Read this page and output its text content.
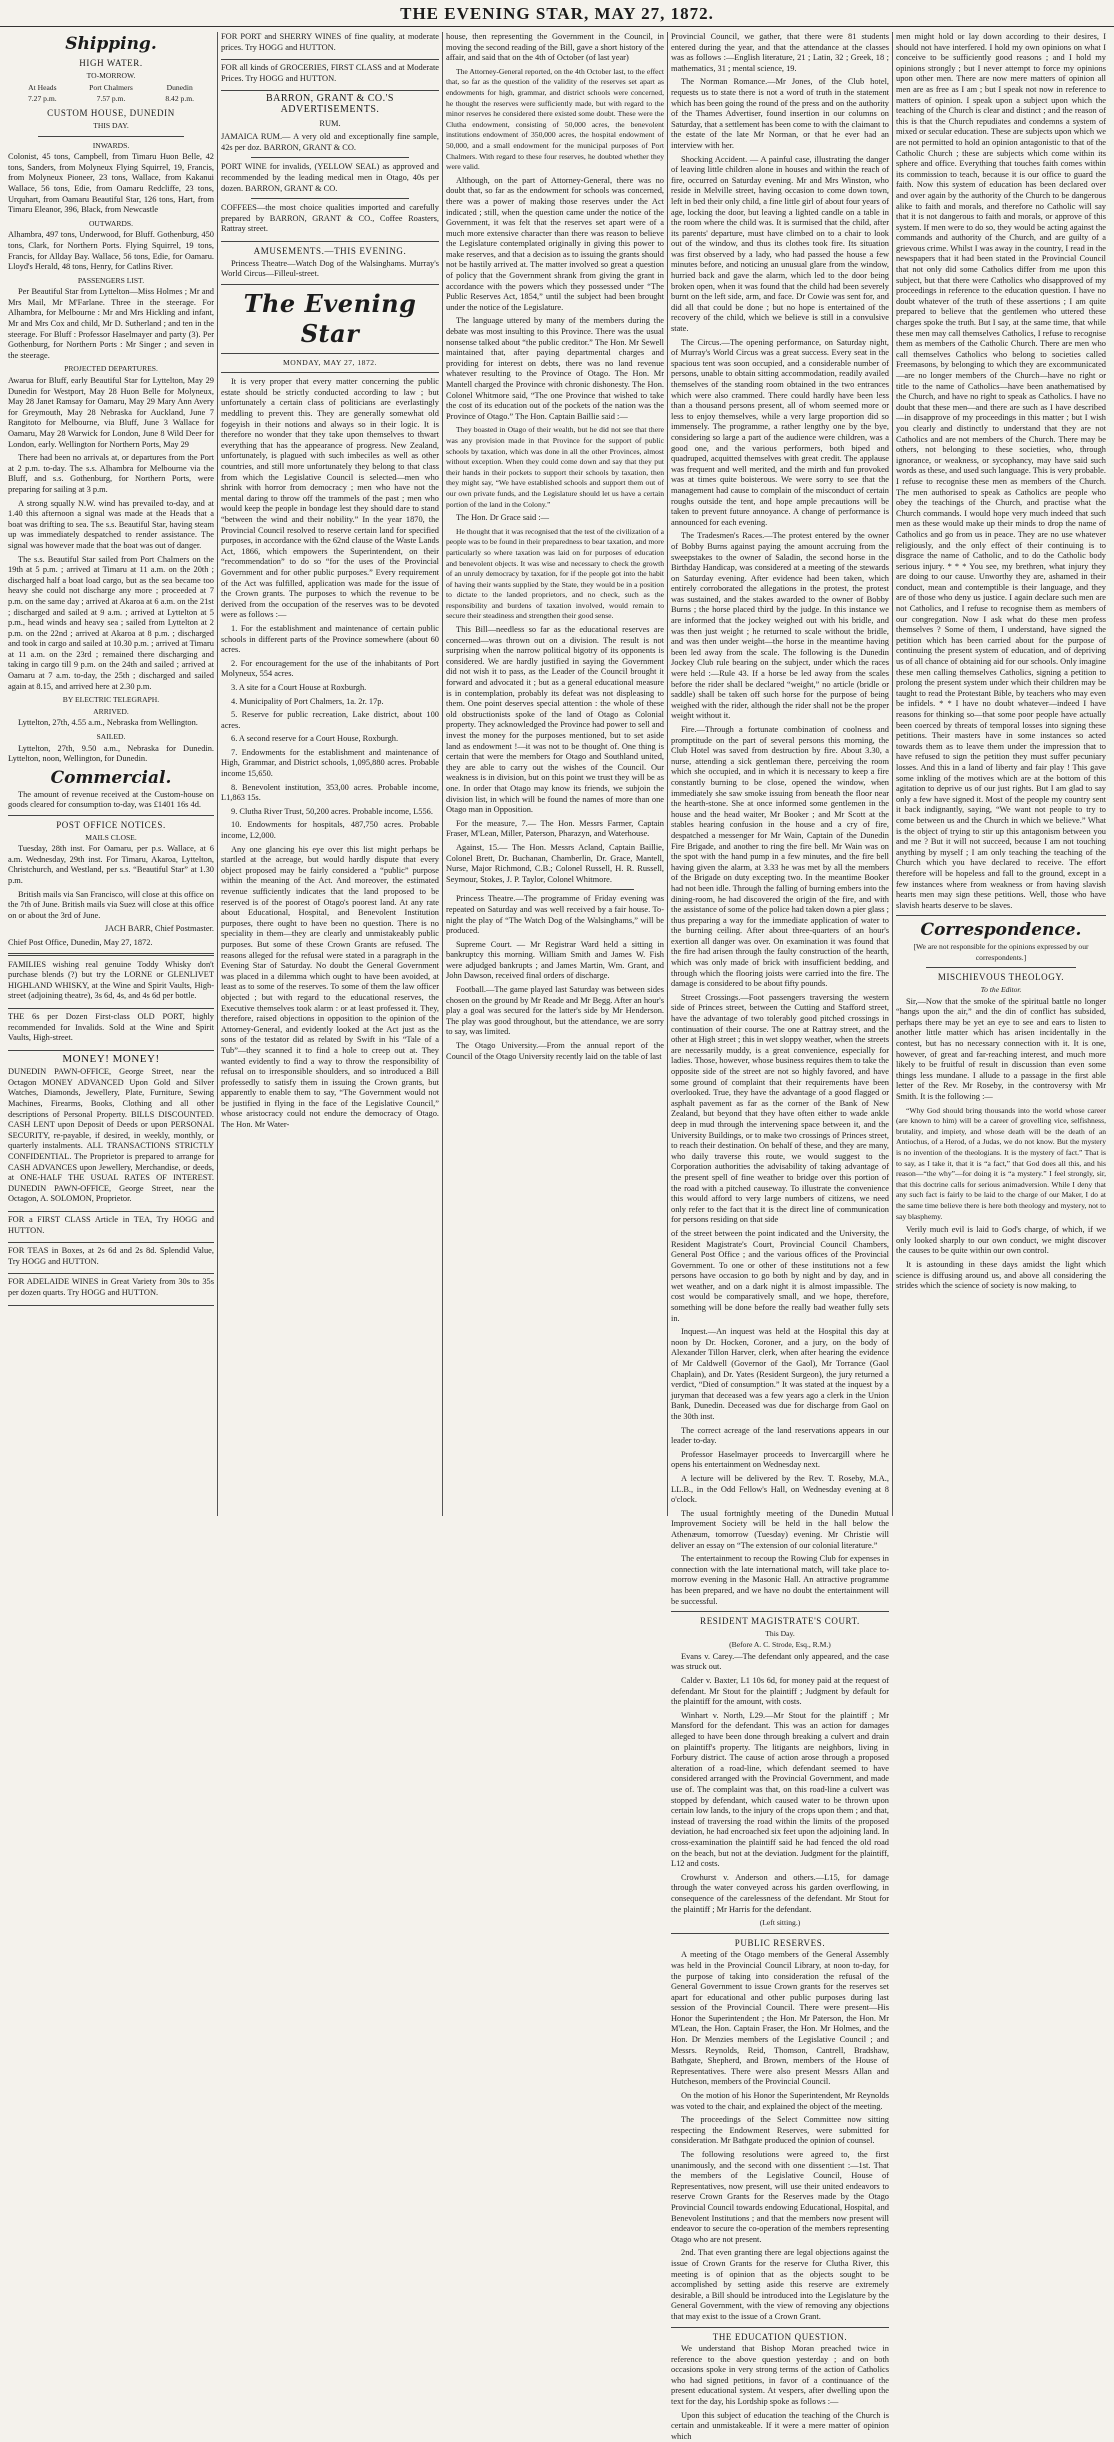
THE EVENING STAR, MAY 27, 1872.
Shipping.
HIGH WATER.
TO-MORROW.
At Heads
7.27 p.m.
Port Chalmers
7.57 p.m.
Dunedin
8.42 p.m.
CUSTOM HOUSE, DUNEDIN
THIS DAY.
INWARDS.

Colonist, 45 tons, Campbell, from Timaru Huon Belle, 42 tons, Sanders, from Molyneux Flying Squirrel, 19, Francis, from Molyneux Pioneer, 23 tons, Wallace, from Kakanui Wallace, 56 tons, Edie, from Oamaru Redcliffe, 23 tons, Urquhart, from Oamaru Beautiful Star, 126 tons, Hart, from Timaru Eleanor, 396, Black, from Newcastle

OUTWARDS.

Alhambra, 497 tons, Underwood, for Bluff. Gothenburg, 450 tons, Clark, for Northern Ports. Flying Squirrel, 19 tons, Francis, for Allday Bay. Wallace, 56 tons, Edie, for Oamaru. Lloyd's Herald, 48 tons, Henry, for Catlins River.

PASSENGERS LIST.

Per Beautiful Star from Lyttelton—Miss Holmes ; Mr and Mrs Mail, Mr M'Farlane. Three in the steerage. For Alhambra, for Melbourne : Mr and Mrs Hickling and infant, Mr and Mrs Cox and child, Mr D. Sutherland ; and ten in the steerage. For Bluff : Professor Haselmayer and party (3). Per Gothenburg, for Northern Ports : Mr Singer ; and seven in the steerage.

PROJECTED DEPARTURES.

Awarua for Bluff, early Beautiful Star for Lyttelton, May 29 Dunedin for Westport, May 28 Huon Belle for Molyneux, May 28 Janet Ramsay for Oamaru, May 29 Mary Ann Avery for Greymouth, May 28 Nebraska for Auckland, June 7 Rangitoto for Melbourne, via Bluff, June 3 Wallace for Oamaru, May 28 Warwick for London, June 8 Wild Deer for London, early. Wellington for Northern Ports, May 29

There had been no arrivals at, or departures from the Port at 2 p.m. to-day. The s.s. Alhambra for Melbourne via the Bluff, and s.s. Gothenburg, for Northern Ports, were preparing for sailing at 3 p.m.

A strong squally N.W. wind has prevailed to-day, and at 1.40 this afternoon a signal was made at the Heads that a boat was drifting to sea. The s.s. Beautiful Star, having steam up was immediately despatched to render assistance. The signal was however made that the boat was out of danger.

The s.s. Beautiful Star sailed from Port Chalmers on the 19th at 5 p.m. ; arrived at Timaru at 11 a.m. on the 20th ; discharged half a boat load cargo, but as the sea became too heavy she could not discharge any more ; proceeded at 7 p.m. on the same day ; arrived at Akaroa at 6 a.m. on the 21st ; discharged and sailed at 9 a.m. ; arrived at Lyttelton at 5 p.m., head winds and heavy sea ; sailed from Lyttelton at 2 p.m. on the 22nd ; arrived at Akaroa at 8 p.m. ; discharged and took in cargo and sailed at 10.30 p.m. ; arrived at Timaru at 11 a.m. on the 23rd ; remained there discharging and taking in cargo till 9 p.m. on the 24th and sailed ; arrived at Oamaru at 7 a.m. to-day, the 25th ; discharged and sailed again at 8.15, and arrived here at 2.30 p.m.

BY ELECTRIC TELEGRAPH.
ARRIVED.

Lyttelton, 27th, 4.55 a.m., Nebraska from Wellington.

SAILED.

Lyttelton, 27th, 9.50 a.m., Nebraska for Dunedin. Lyttelton, noon, Wellington, for Dunedin.

Commercial.

The amount of revenue received at the Custom-house on goods cleared for consumption to-day, was £1401 16s 4d.

POST OFFICE NOTICES.
MAILS CLOSE.

Tuesday, 28th inst. For Oamaru, per p.s. Wallace, at 6 a.m. Wednesday, 29th inst. For Timaru, Akaroa, Lyttelton, Christchurch, and Westland, per s.s. “Beautiful Star” at 1.30 p.m.

British mails via San Francisco, will close at this office on the 7th of June. British mails via Suez will close at this office on or about the 3rd of June.

JACH BARR, Chief Postmaster.

Chief Post Office, Dunedin, May 27, 1872.

FAMILIES wishing real genuine Toddy Whisky don't purchase blends (?) but try the LORNE or GLENLIVET HIGHLAND WHISKY, at the Wine and Spirit Vaults, High-street (adjoining theatre), 3s 6d, 4s, and 4s 6d per bottle.

THE 6s per Dozen First-class OLD PORT, highly recommended for Invalids. Sold at the Wine and Spirit Vaults, High-street.

MONEY! MONEY!

DUNEDIN PAWN-OFFICE, George Street, near the Octagon MONEY ADVANCED Upon Gold and Silver Watches, Diamonds, Jewellery, Plate, Furniture, Sewing Machines, Firearms, Books, Clothing and all other descriptions of Personal Property. BILLS DISCOUNTED. CASH LENT upon Deposit of Deeds or upon PERSONAL SECURITY, re-payable, if desired, in weekly, monthly, or quarterly instalments. ALL TRANSACTIONS STRICTLY CONFIDENTIAL. The Proprietor is prepared to arrange for CASH ADVANCES upon Jewellery, Merchandise, or deeds, at ONE-HALF THE USUAL RATES OF INTEREST. DUNEDIN PAWN-OFFICE, George Street, near the Octagon, A. SOLOMON, Proprietor.

FOR a FIRST CLASS Article in TEA, Try HOGG and HUTTON.

FOR TEAS in Boxes, at 2s 6d and 2s 8d. Splendid Value, Try HOGG and HUTTON.

FOR ADELAIDE WINES in Great Variety from 30s to 35s per dozen quarts. Try HOGG and HUTTON.

FOR PORT and SHERRY WINES of fine quality, at moderate prices. Try HOGG and HUTTON.

FOR all kinds of GROCERIES, FIRST CLASS and at Moderate Prices. Try HOGG and HUTTON.

BARRON, GRANT & CO.'S ADVERTISEMENTS.

RUM.

JAMAICA RUM.— A very old and exceptionally fine sample, 42s per doz. BARRON, GRANT & CO.

PORT WINE for invalids, (YELLOW SEAL) as approved and recommended by the leading medical men in Otago, 40s per dozen. BARRON, GRANT & CO.

COFFEES—the most choice qualities imported and carefully prepared by BARRON, GRANT & CO., Coffee Roasters, Rattray street.

AMUSEMENTS.—THIS EVENING.

Princess Theatre—Watch Dog of the Walsinghams. Murray's World Circus—Filleul-street.

The Evening Star
MONDAY, MAY 27, 1872.

It is very proper that every matter concerning the public estate should be strictly conducted according to law ; but unfortunately a certain class of politicians are everlastingly meddling to prevent this. They are generally somewhat old fogeyish in their notions and always so in their logic. It is therefore no wonder that they take upon themselves to thwart everything that has the appearance of progress. New Zealand, unfortunately, is plagued with such imbeciles as well as other countries, and still more unfortunately they belong to that class from which the Legislative Council is selected—men who shrink with horror from democracy ; men who have not the mental daring to throw off the trammels of the past ; men who would keep the people in bondage lest they should dare to stand “between the wind and their nobility.” In the year 1870, the Provincial Council resolved to reserve certain land for specified purposes, in accordance with the 62nd clause of the Waste Lands Act, 1866, which empowers the Superintendent, on their “recommendation” to do so “for the uses of the Provincial Government and for other public purposes.” Every requirement of the Act was fulfilled, application was made for the issue of the Crown grants. The purposes to which the revenue to be derived from the occupation of the reserves was to be devoted were as follows :—

1. For the establishment and maintenance of certain public schools in different parts of the Province somewhere (about 60 acres.

2. For encouragement for the use of the inhabitants of Port Molyneux, 554 acres.

3. A site for a Court House at Roxburgh.

4. Municipality of Port Chalmers, 1a. 2r. 17p.

5. Reserve for public recreation, Lake district, about 100 acres.

6. A second reserve for a Court House, Roxburgh.

7. Endowments for the establishment and maintenance of High, Grammar, and District schools, 1,095,880 acres. Probable income 15,650.

8. Benevolent institution, 353,00 acres. Probable income, L1,863 15s.

9. Clutha River Trust, 50,200 acres. Probable income, L556.

10. Endowments for hospitals, 487,750 acres. Probable income, L2,000.

Any one glancing his eye over this list might perhaps be startled at the acreage, but would hardly dispute that every object proposed may be fairly considered a “public” purpose within the meaning of the Act. And moreover, the estimated revenue sufficiently indicates that the land proposed to be reserved is of the poorest of Otago's poorest land. At any rate about Educational, Hospital, and Benevolent Institution purposes, there ought to have been no question. There is no speciality in them—they are clearly and unmistakeably public purposes. But some of these Crown Grants are refused. The reasons alleged for the refusal were stated in a paragraph in the Evening Star of Saturday. No doubt the General Government was placed in a dilemma which ought to have been avoided, at least as to some of the reserves. To some of them the law officer objected ; but with regard to the educational reserves, the Executive themselves took alarm : or at least professed it. They, therefore, raised objections in opposition to the opinion of the Attorney-General, and evidently looked at the Act just as the sons of the testator did as related by Swift in his “Tale of a Tub”—they scanned it to find a hole to creep out at. They wanted evidently to find a way to throw the responsibility of refusal on to irresponsible shoulders, and so introduced a Bill professedly to satisfy them in issuing the Crown grants, but apparently to enable them to say, “The Government would not be justified in flying in the face of the Legislative Council,” whose aristocracy could not endure the democracy of Otago. The Hon. Mr Water-

house, then representing the Government in the Council, in moving the second reading of the Bill, gave a short history of the affair, and said that on the 4th of October (of last year)

The Attorney-General reported, on the 4th October last, to the effect that, so far as the question of the validity of the reserves set apart as endowments for high, grammar, and district schools were concerned, he thought the reserves were sufficiently made, but with regard to the minor reserves he considered there existed some doubt. These were the Clutha endowment, consisting of 50,000 acres, the benevolent institutions endowment of 350,000 acres, the hospital endowment of 50,000, and a small endowment for the municipal purposes of Port Chalmers. With regard to these four reserves, he doubted whether they were valid.

Although, on the part of Attorney-General, there was no doubt that, so far as the endowment for schools was concerned, there was a power of making those reserves under the Act indicated ; still, when the question came under the notice of the Government, it was felt that the reserves set apart were of a much more extensive character than there was reason to believe the Legislature contemplated originally in giving this power to make reserves, and that a decision as to issuing the grants should not be hastily arrived at. The matter involved so great a question of policy that the Government shrank from giving the grant in accordance with the powers which they possessed under “The Public Reserves Act, 1854,” until the subject had been brought under the notice of the Legislature.

The language uttered by many of the members during the debate was most insulting to this Province. There was the usual nonsense talked about “the public creditor.” The Hon. Mr Sewell maintained that, after paying departmental charges and providing for interest on debts, there was no land revenue whatever resulting to the Province of Otago. The Hon. Mr Mantell charged the Province with chronic dishonesty. The Hon. Colonel Whitmore said, “The one Province that wished to take the cost of its education out of the pockets of the nation was the Province of Otago.” The Hon. Captain Baillie said :—

They boasted in Otago of their wealth, but he did not see that there was any provision made in that Province for the support of public schools by taxation, which was done in all the other Provinces, almost without exception. When they could come down and say that they put their hands in their pockets to support their schools by taxation, then they might say, “We have established schools and support them out of our own private funds, and the Legislature should let us have a certain portion of the land in the Colony.”

The Hon. Dr Grace said :—

He thought that it was recognised that the test of the civilization of a people was to be found in their preparedness to bear taxation, and more particularly so where taxation was laid on for purposes of education and benevolent objects. It was wise and necessary to check the growth of an unruly democracy by taxation, for if the people got into the habit of having their wants supplied by the State, they would be in a position to dictate to the landed proprietors, and no check, such as the responsibility and burdens of taxation involved, would remain to secure their steadiness and strengthen their good sense.

This Bill—needless so far as the educational reserves are concerned—was thrown out on a division. The result is not surprising when the narrow political bigotry of its opponents is considered. We are hardly justified in saying the Government did not wish it to pass, as the Leader of the Council brought it forward and advocated it ; but as a general educational measure is in contemplation, probably its defeat was not displeasing to them. One point deserves special attention : the whole of these old obstructionists spoke of the land of Otago as Colonial property. They acknowledged the Province had power to sell and invest the money for the purposes mentioned, but to set aside land as endowment !—it was not to be thought of. One thing is certain that were the members for Otago and Southland united, they are able to carry out the wishes of the Council. Our weakness is in division, but on this point we trust they will be as one. In order that Otago may know its friends, we subjoin the division list, in which will be found the names of more than one Otago man in Opposition.

For the measure, 7.— The Hon. Messrs Farmer, Captain Fraser, M'Lean, Miller, Paterson, Pharazyn, and Waterhouse.

Against, 15.— The Hon. Messrs Acland, Captain Baillie, Colonel Brett, Dr. Buchanan, Chamberlin, Dr. Grace, Mantell, Nurse, Major Richmond, C.B.; Colonel Russell, H. R. Russell, Seymour, Stokes, J. P. Taylor, Colonel Whitmore.

Princess Theatre.—The programme of Friday evening was repeated on Saturday and was well received by a fair house. To-night the play of “The Watch Dog of the Walsinghams,” will be produced.

Supreme Court. — Mr Registrar Ward held a sitting in bankruptcy this morning. William Smith and James W. Fish were adjudged bankrupts ; and James Martin, Wm. Grant, and John Dawson, received final orders of discharge.

Football.—The game played last Saturday was between sides chosen on the ground by Mr Reade and Mr Begg. After an hour's play a goal was secured for the latter's side by Mr Henderson. The play was good throughout, but the attendance, we are sorry to say, was limited.

The Otago University.—From the annual report of the Council of the Otago University recently laid on the table of last

Provincial Council, we gather, that there were 81 students entered during the year, and that the attendance at the classes was as follows :—English literature, 21 ; Latin, 32 ; Greek, 18 ; mathematics, 31 ; mental science, 19.

The Norman Romance.—Mr Jones, of the Club hotel, requests us to state there is not a word of truth in the statement which has been going the round of the press and on the authority of the Thames Advertiser, found insertion in our columns on Saturday, that a settlement has been come to with the claimant to the estate of the late Mr Norman, or that he ever had an interview with her.

Shocking Accident. — A painful case, illustrating the danger of leaving little children alone in houses and within the reach of fire, occurred on Saturday evening. Mr and Mrs Winston, who reside in Melville street, having occasion to come down town, left in bed their only child, a fine little girl of about four years of age, locking the door, but leaving a lighted candle on a table in the room where the child was. It is surmised that the child, after its parents' departure, must have climbed on to a chair to look out of the window, and thus its clothes took fire. Its situation was first observed by a lady, who had passed the house a few minutes before, and noticing an unusual glare from the window, hurried back and gave the alarm, which led to the door being broken open, when it was found that the child had been severely burnt on the left side, arm, and face. Dr Cowie was sent for, and did all that could be done ; but no hope is entertained of the recovery of the child, which we believe is still in a convulsive state.

The Circus.—The opening performance, on Saturday night, of Murray's World Circus was a great success. Every seat in the spacious tent was soon occupied, and a considerable number of persons, unable to obtain sitting accommodation, readily availed themselves of the standing room obtained in the two entrances which were also crammed. There could hardly have been less than a thousand persons present, all of whom seemed more or less to enjoy themselves, while a very large proportion did so immensely. The programme, a rather lengthy one by the bye, considering so large a part of the audience were children, was a good one, and the various performers, both biped and quadruped, acquitted themselves with great credit. The applause was frequent and well merited, and the mirth and fun provoked was at times quite boisterous. We were sorry to see that the management had cause to complain of the misconduct of certain roughs outside the tent, and hope ample precautions will be taken to prevent future annoyance. A change of performance is announced for each evening.

The Tradesmen's Races.—The protest entered by the owner of Bobby Burns against paying the amount accruing from the sweepstakes to the owner of Saladin, the second horse in the Birthday Handicap, was considered at a meeting of the stewards on Saturday evening. After evidence had been taken, which entirely corroborated the allegations in the protest, the protest was sustained, and the stakes awarded to the owner of Bobby Burns ; the horse placed third by the judge. In this instance we are informed that the jockey weighed out with his bridle, and was then just weight ; he returned to scale without the bridle, and was then under weight—the horse in the meantime having been led away from the scale. The following is the Dunedin Jockey Club rule bearing on the subject, under which the races were held :—Rule 43. If a horse be led away from the scales before the rider shall be declared “weight,” no article (bridle or saddle) shall be taken off such horse for the purpose of being weighed with the rider, although the rider shall not be the proper weight without it.

Fire.—Through a fortunate combination of coolness and promptitude on the part of several persons this morning, the Club Hotel was saved from destruction by fire. About 3.30, a nurse, attending a sick gentleman there, perceiving the room which she occupied, and in which it is necessary to keep a fire constantly burning to be close, opened the window, when immediately she saw smoke issuing from beneath the floor near the hearth-stone. She at once informed some gentlemen in the house and the head waiter, Mr Booker ; and Mr Scott at the stables hearing confusion in the house and a cry of fire, despatched a messenger for Mr Wain, Captain of the Dunedin Fire Brigade, and another to ring the fire bell. Mr Wain was on the spot with the hand pump in a few minutes, and the fire bell having given the alarm, at 3.33 he was met by all the members of the Brigade on duty excepting two. In the meantime Booker had not been idle. Through the falling of burning embers into the dining-room, he had discovered the origin of the fire, and with the assistance of some of the police had taken down a pier glass ; thus preparing a way for the immediate application of water to the burning ceiling. After about three-quarters of an hour's exertion all danger was over. On examination it was found that the fire had arisen through the faulty construction of the hearth, which was only made of brick with insufficient bedding, and through which the flooring joists were carried into the fire. The damage is considered to be about fifty pounds.

Street Crossings.—Foot passengers traversing the western side of Princes street, between the Cutting and Stafford street, have the advantage of two tolerably good pitched crossings in continuation of their course. The one at Rattray street, and the other at High street ; this in wet sloppy weather, when the streets are necessarily muddy, is a great convenience, especially for ladies. Those, however, whose business requires them to take the opposite side of the street are not so highly favored, and have some ground of complaint that their requirements have been overlooked. True, they have the advantage of a good flagged or asphalt pavement as far as the corner of the Bank of New Zealand, but beyond that they have often either to wade ankle deep in mud through the intervening space between it, and the University Buildings, or to make two crossings of Princes street, to reach their destination. On behalf of these, and they are many, who daily traverse this route, we would suggest to the Corporation authorities the advisability of taking advantage of the present spell of fine weather to bridge over this portion of the road with a pitched causeway. To illustrate the convenience this would afford to very large numbers of citizens, we need only refer to the fact that it is the direct line of communication for persons residing on that side

of the street between the point indicated and the University, the Resident Magistrate's Court, Provincial Council Chambers, General Post Office ; and the various offices of the Provincial Government. To one or other of these institutions not a few persons have occasion to go both by night and by day, and in wet weather, and on a dark night it is almost impassible. The cost would be comparatively small, and we hope, therefore, something will be done before the really bad weather fully sets in.

Inquest.—An inquest was held at the Hospital this day at noon by Dr. Hocken, Coroner, and a jury, on the body of Alexander Tillon Harver, clerk, when after hearing the evidence of Mr Caldwell (Governor of the Gaol), Mr Torrance (Gaol Chaplain), and Dr. Yates (Resident Surgeon), the jury returned a verdict, “Died of consumption.” It was stated at the inquest by a juryman that deceased was a few years ago a clerk in the Union Bank, Dunedin. Deceased was due for discharge from Gaol on the 30th inst.

The correct acreage of the land reservations appears in our leader to-day.

Professor Haselmayer proceeds to Invercargill where he opens his entertainment on Wednesday next.

A lecture will be delivered by the Rev. T. Roseby, M.A., LL.B., in the Odd Fellow's Hall, on Wednesday evening at 8 o'clock.

The usual fortnightly meeting of the Dunedin Mutual Improvement Society will be held in the hall below the Athenæum, tomorrow (Tuesday) evening. Mr Christie will deliver an essay on “The extension of our colonial literature.”

The entertainment to recoup the Rowing Club for expenses in connection with the late international match, will take place to-morrow evening in the Masonic Hall. An attractive programme has been prepared, and we have no doubt the entertainment will be successful.

RESIDENT MAGISTRATE'S COURT.
This Day.
(Before A. C. Strode, Esq., R.M.)

Evans v. Carey.—The defendant only appeared, and the case was struck out.

Calder v. Baxter, L1 10s 6d, for money paid at the request of defendant. Mr Stout for the plaintiff ; Judgment by default for the plaintiff for the amount, with costs.

Winhart v. North, L29.—Mr Stout for the plaintiff ; Mr Mansford for the defendant. This was an action for damages alleged to have been done through breaking a culvert and drain on plaintiff's property. The litigants are neighbors, living in Forbury district. The cause of action arose through a proposed alteration of a road-line, which defendant seemed to have considered arranged with the Provincial Government, and made use of. The complaint was that, on this road-line a culvert was stopped by defendant, which caused water to be thrown upon certain low lands, to the injury of the crops upon them ; and that, instead of traversing the road within the limits of the proposed deviation, he had encroached six feet upon the adjoining land. In cross-examination the plaintiff said he had fenced the old road on the beach, but not at the deviation. Judgment for the plaintiff, L12 and costs.

Crowhurst v. Anderson and others.—L15, for damage through the water conveyed across his garden overflowing, in consequence of the carelessness of the defendant. Mr Stout for the plaintiff ; Mr Harris for the defendant.

(Left sitting.)
PUBLIC RESERVES.

A meeting of the Otago members of the General Assembly was held in the Provincial Council Library, at noon to-day, for the purpose of taking into consideration the refusal of the General Government to issue Crown grants for the reserves set apart for educational and other public purposes during last session of the Provincial Council. There were present—His Honor the Superintendent ; the Hon. Mr Paterson, the Hon. Mr M'Lean, the Hon. Captain Fraser, the Hon. Mr Holmes, and the Hon. Dr Menzies members of the Legislative Council ; and Messrs. Reynolds, Reid, Thomson, Cantrell, Bradshaw, Bathgate, Shepherd, and Brown, members of the House of Representatives. There were also present Messrs Allan and Hutcheson, members of the Provincial Council.

On the motion of his Honor the Superintendent, Mr Reynolds was voted to the chair, and explained the object of the meeting.

The proceedings of the Select Committee now sitting respecting the Endowment Reserves, were submitted for consideration. Mr Bathgate produced the opinion of counsel.

The following resolutions were agreed to, the first unanimously, and the second with one dissentient :—1st. That the members of the Legislative Council, House of Representatives, now present, will use their united endeavors to reserve Crown Grants for the Reserves made by the Otago Provincial Council towards endowing Educational, Hospital, and Benevolent Institutions ; and that the members now present will endeavor to secure the co-operation of the members representing Otago who are not present.

2nd. That even granting there are legal objections against the issue of Crown Grants for the reserve for Clutha River, this meeting is of opinion that as the objects sought to be accomplished by setting aside this reserve are extremely desirable, a Bill should be introduced into the Legislature by the General Government, with the view of removing any objections that may exist to the issue of a Crown Grant.

THE EDUCATION QUESTION.

We understand that Bishop Moran preached twice in reference to the above question yesterday ; and on both occasions spoke in very strong terms of the action of Catholics who had signed petitions, in favor of a continuance of the present educational system. At vespers, after dwelling upon the text for the day, his Lordship spoke as follows :—

Upon this subject of education the teaching of the Church is certain and unmistakeable. If it were a mere matter of opinion which

men might hold or lay down according to their desires, I should not have interfered. I hold my own opinions on what I conceive to be sufficiently good reasons ; and I hold my opinions strongly ; but I never attempt to force my opinions upon other men. There are now mere matters of opinion all men are as free as I am ; but I speak not now in reference to matters of opinion. I speak upon a subject upon which the teaching of the Church is clear and distinct ; and the reason of this is that the Church repudiates and condemns a system of mixed or secular education. These are subjects upon which we are not permitted to hold an opinion antagonistic to that of the Catholic Church ; these are subjects which come within its sphere and office. Everything that touches faith comes within its commission to teach, because it is our office to guard the faith. Now this system of education has been declared over and over again by the authority of the Church to be dangerous alike to faith and morals, and therefore no Catholic will say that it is not dangerous to faith and morals, or approve of this system. If men were to do so, they would be acting against the commands and authority of the Church, and are guilty of a grievous crime. Whilst I was away in the country, I read in the newspapers that it had been stated in the Provincial Council that not only did some Catholics differ from me upon this subject, but that there were Catholics who disapproved of my proceedings in reference to the education question. I have no doubt whatever of the truth of these assertions ; I am quite prepared to believe that the gentlemen who uttered these charges spoke the truth. But I say, at the same time, that while these men may call themselves Catholics, I refuse to recognise them as members of the Catholic Church. There are men who call themselves Catholics who belong to societies called Freemasons, by belonging to which they are excommunicated—are no longer members of the Church—have no right or title to the name of Catholics—have been anathematised by the Church, and have no right to speak as Catholics. I have no doubt that these men—and there are such as I have described—in disapprove of my proceedings in this matter ; but I wish you clearly and distinctly to understand that they are not Catholics and are not members of the Church. There may be others, not belonging to these societies, who, through ignorance, or weakness, or sycophancy, may have said such words as these, and used such language. This is very probable. I refuse to recognise these men as members of the Church. The men authorised to speak as Catholics are people who obey the teachings of the Church, and practise what the Church commands. I would hope very much indeed that such men as these would make up their minds to drop the name of Catholics and go from us in peace. They are no use whatever religiously, and the only effect of their continuing is to disgrace the name of Catholic, and to do the Catholic body serious injury. * * * You see, my brethren, what injury they are doing to our cause. Unworthy they are, ashamed in their conduct, mean and contemptible is their language, and they are of those who deny us justice. I again declare such men are not Catholics, and I refuse to recognise them as members of our congregation. Now I ask what do these men profess themselves ? Some of them, I understand, have signed the petition which has been carried about for the purpose of continuing the present system of education, and of depriving us of all chance of obtaining aid for our schools. Only imagine these men calling themselves Catholics, signing a petition to prolong the present system under which their children may be taught to read the Protestant Bible, by teachers who may even be infidels. * * I have no doubt whatever—indeed I have reasons for thinking so—that some poor people have actually been coerced by threats of temporal losses into signing these petitions. Their masters have in some instances so acted towards them as to leave them under the impression that to have refused to sign the petition they must suffer pecuniary losses. And this in a land of liberty and fair play ! This gave some inkling of the motives which are at the bottom of this agitation to deprive us of our just rights. But I am glad to say only a few have signed it. Most of the people my country sent it back indignantly, saying, “We want not people to try to come between us and the Church in which we believe.” What is the object of trying to stir up this antagonism between you and me ? But it will not succeed, because I am not touching anything by myself ; I am only teaching the teaching of the Church which you have declared to receive. The effort therefore will be hopeless and fall to the ground, except in a few instances where from weakness or from having slavish hearts men may sign these petitions. Well, those who have slavish hearts deserve to be slaves.

Correspondence.

[We are not responsible for the opinions expressed by our correspondents.]

MISCHIEVOUS THEOLOGY.
To the Editor.

Sir,—Now that the smoke of the spiritual battle no longer “hangs upon the air,” and the din of conflict has subsided, perhaps there may be yet an eye to see and ears to listen to another little matter which has arisen incidentally in the contest, but has no necessary connection with it. It is one, however, of great and far-reaching interest, and much more likely to be fruitful of result in discussion than even some things less mundane. I allude to a passage in the first able letter of the Rev. Mr Roseby, in the controversy with Mr Smith. It is the following :—

“Why God should bring thousands into the world whose career (are known to him) will be a career of grovelling vice, selfishness, brutality, and impiety, and whose death will be the death of an Antiochus, of a Herod, of a Judas, we do not know. But the mystery is no invention of the theologians. It is the mystery of fact.” That is to say, as I take it, that it is “a fact,” that God does all this, and his reason—“the why”—for doing it is “a mystery.” I feel strongly, sir, that this doctrine calls for serious animadversion. While I deny that any such fact is fairly to be laid to the charge of our Maker, I do at the same time believe there is here both theology and mystery, not to say blasphemy.

Verily much evil is laid to God's charge, of which, if we only looked sharply to our own conduct, we might discover the causes to be quite within our own control.

It is astounding in these days amidst the light which science is diffusing around us, and above all considering the strides which the science of society is now making, to
